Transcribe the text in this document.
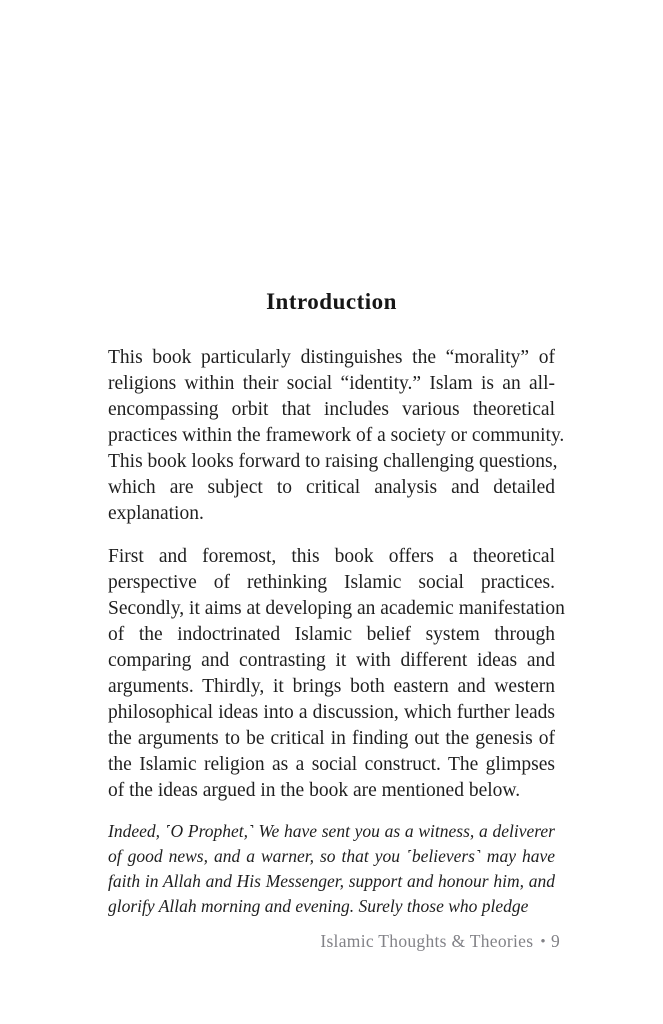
Introduction

This book particularly distinguishes the “morality” of
religions within their social “identity.” Islam is an all-
encompassing orbit that includes various theoretical
practices within the framework of a society or community.
This book looks forward to raising challenging questions,
which are subject to critical analysis and detailed
explanation.

First and foremost, this book offers a theoretical
perspective of rethinking Islamic social practices.
Secondly, it aims at developing an academic manifestation
of the indoctrinated Islamic belief system through
comparing and contrasting it with different ideas and
arguments. Thirdly, it brings both eastern and western
philosophical ideas into a discussion, which further leads
the arguments to be critical in finding out the genesis of
the Islamic religion as a social construct. The glimpses
of the ideas argued in the book are mentioned below.

Indeed, ˹O Prophet,˺ We have sent you as a witness, a deliverer
of good news, and a warner, so that you ˹believers˺ may have
faith in Allah and His Messenger, support and honour him, and
glorify Allah morning and evening. Surely those who pledge

Islamic Thoughts & Theories • 9
